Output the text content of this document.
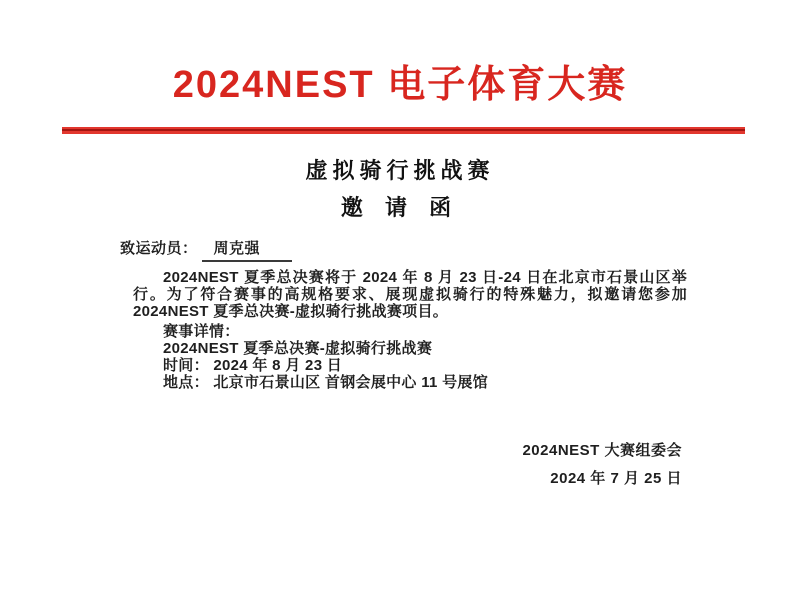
2024NEST 电子体育大赛
虚拟骑行挑战赛
邀 请 函
致运动员： 周克强

2024NEST 夏季总决赛将于 2024 年 8 月 23 日-24 日在北京市石景山区举行。为了符合赛事的高规格要求、展现虚拟骑行的特殊魅力，拟邀请您参加 2024NEST 夏季总决赛-虚拟骑行挑战赛项目。

赛事详情：
2024NEST 夏季总决赛-虚拟骑行挑战赛
时间： 2024 年 8 月 23 日
地点： 北京市石景山区 首钢会展中心 11 号展馆
2024NEST 大赛组委会
2024 年 7 月 25 日
